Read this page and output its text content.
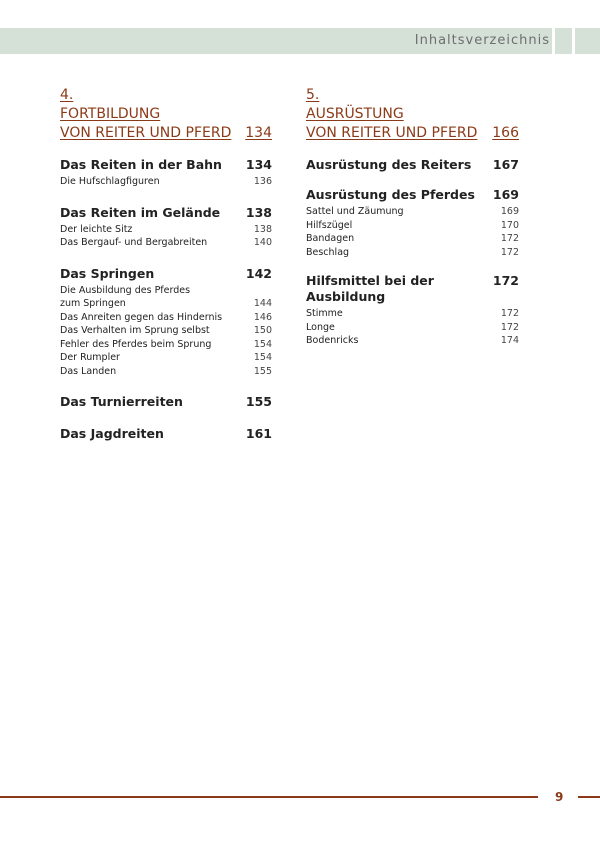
Inhaltsverzeichnis
4.
FORTBILDUNG
VON REITER UND PFERD 134
Das Reiten in der Bahn 134
Die Hufschlagfiguren	136
Das Reiten im Gelände 138
Der leichte Sitz	138
Das Bergauf- und Bergabreiten	140
Das Springen	142
Die Ausbildung des Pferdes
zum Springen	144
Das Anreiten gegen das Hindernis	146
Das Verhalten im Sprung selbst	150
Fehler des Pferdes beim Sprung	154
Der Rumpler	154
Das Landen	155
Das Turnierreiten	155
Das Jagdreiten	161
5.
AUSRÜSTUNG
VON REITER UND PFERD 166
Ausrüstung des Reiters 167
Ausrüstung des Pferdes 169
Sattel und Zäumung	169
Hilfszügel	170
Bandagen	172
Beschlag	172
Hilfsmittel bei der Ausbildung
172
Stimme	172
Longe	172
Bodenricks	174
9
